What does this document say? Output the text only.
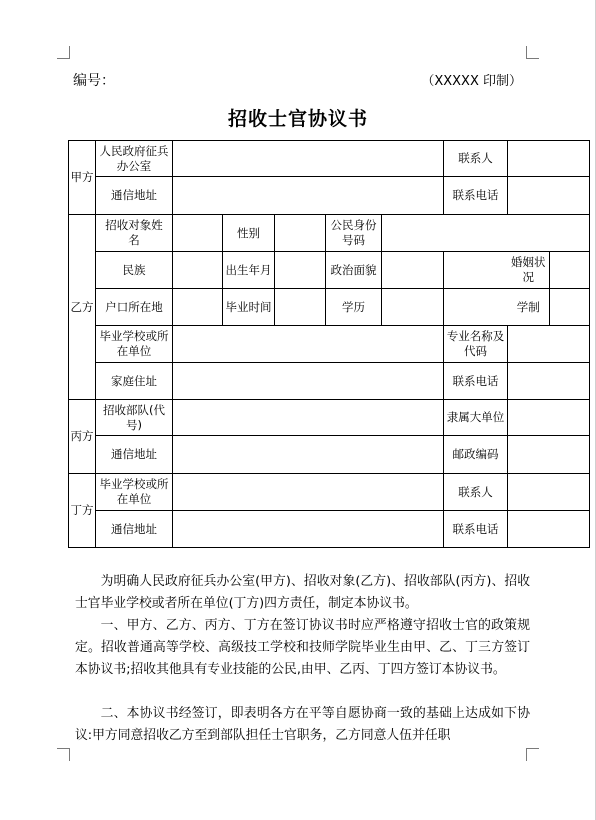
编号：	（XXXXX 印制）
招收士官协议书
甲方	人民政府征兵办公室						联系人		
	通信地址						联系电话		
乙方	招收对象姓　名		性别		公民身份号码				
	民族		出生年月		政治面貌			婚姻状况	
	户口所在地		毕业时间		学历			学制	
	毕业学校或所在单位						专业名称及代码		
	家庭住址						联系电话		
丙方	招收部队(代号)						隶属大单位		
	通信地址						邮政编码		
丁方	毕业学校或所在单位						联系人		
	通信地址						联系电话		
为明确人民政府征兵办公室(甲方)、招收对象(乙方)、招收部队(丙方)、招收士官毕业学校或者所在单位(丁方)四方责任，制定本协议书。
一、甲方、乙方、丙方、丁方在签订协议书时应严格遵守招收士官的政策规定。招收普通高等学校、高级技工学校和技师学院毕业生由甲、乙、丁三方签订本协议书;招收其他具有专业技能的公民,由甲、乙丙、丁四方签订本协议书。
二、本协议书经签订，即表明各方在平等自愿协商一致的基础上达成如下协议:甲方同意招收乙方至到部队担任士官职务，乙方同意人伍并任职
